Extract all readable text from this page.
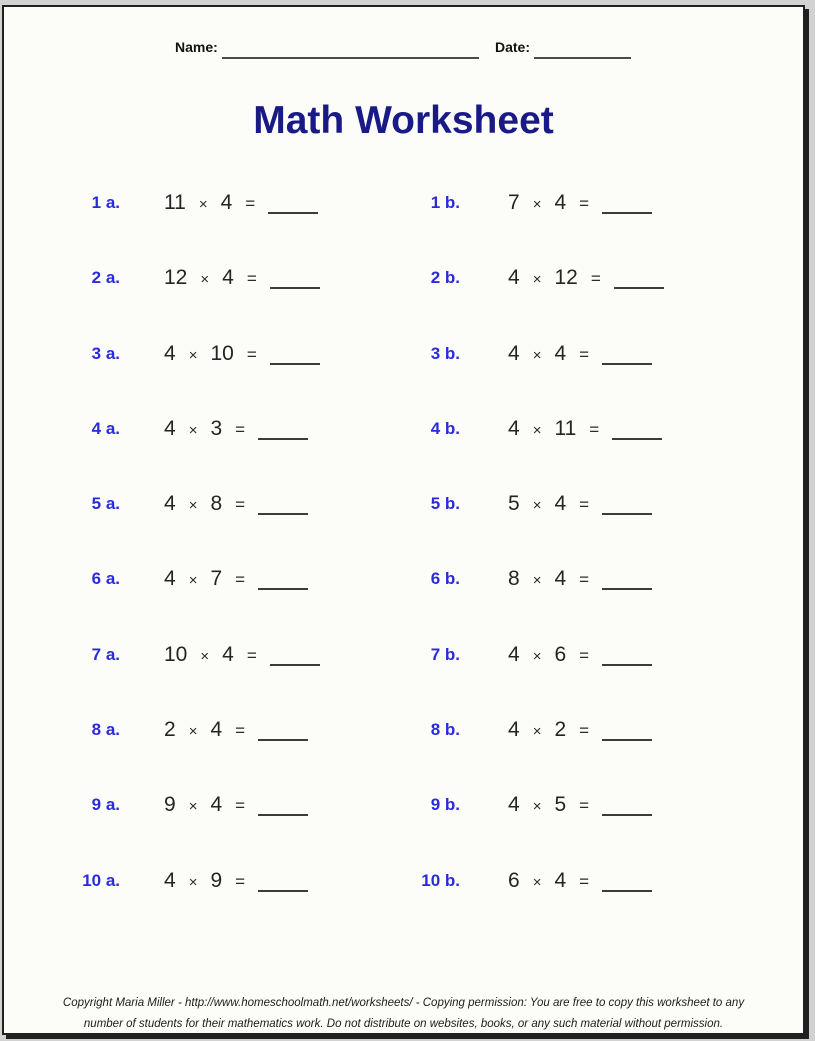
Name:	Date:
Math Worksheet
1 a. 11 × 4 =	1 b. 7 × 4 =
2 a. 12 × 4 =	2 b. 4 × 12 =
3 a. 4 × 10 =	3 b. 4 × 4 =
4 a. 4 × 3 =	4 b. 4 × 11 =
5 a. 4 × 8 =	5 b. 5 × 4 =
6 a. 4 × 7 =	6 b. 8 × 4 =
7 a. 10 × 4 =	7 b. 4 × 6 =
8 a. 2 × 4 =	8 b. 4 × 2 =
9 a. 9 × 4 =	9 b. 4 × 5 =
10 a. 4 × 9 =	10 b. 6 × 4 =
Copyright Maria Miller - http://www.homeschoolmath.net/worksheets/ - Copying permission: You are free to copy this worksheet to any
number of students for their mathematics work. Do not distribute on websites, books, or any such material without permission.
